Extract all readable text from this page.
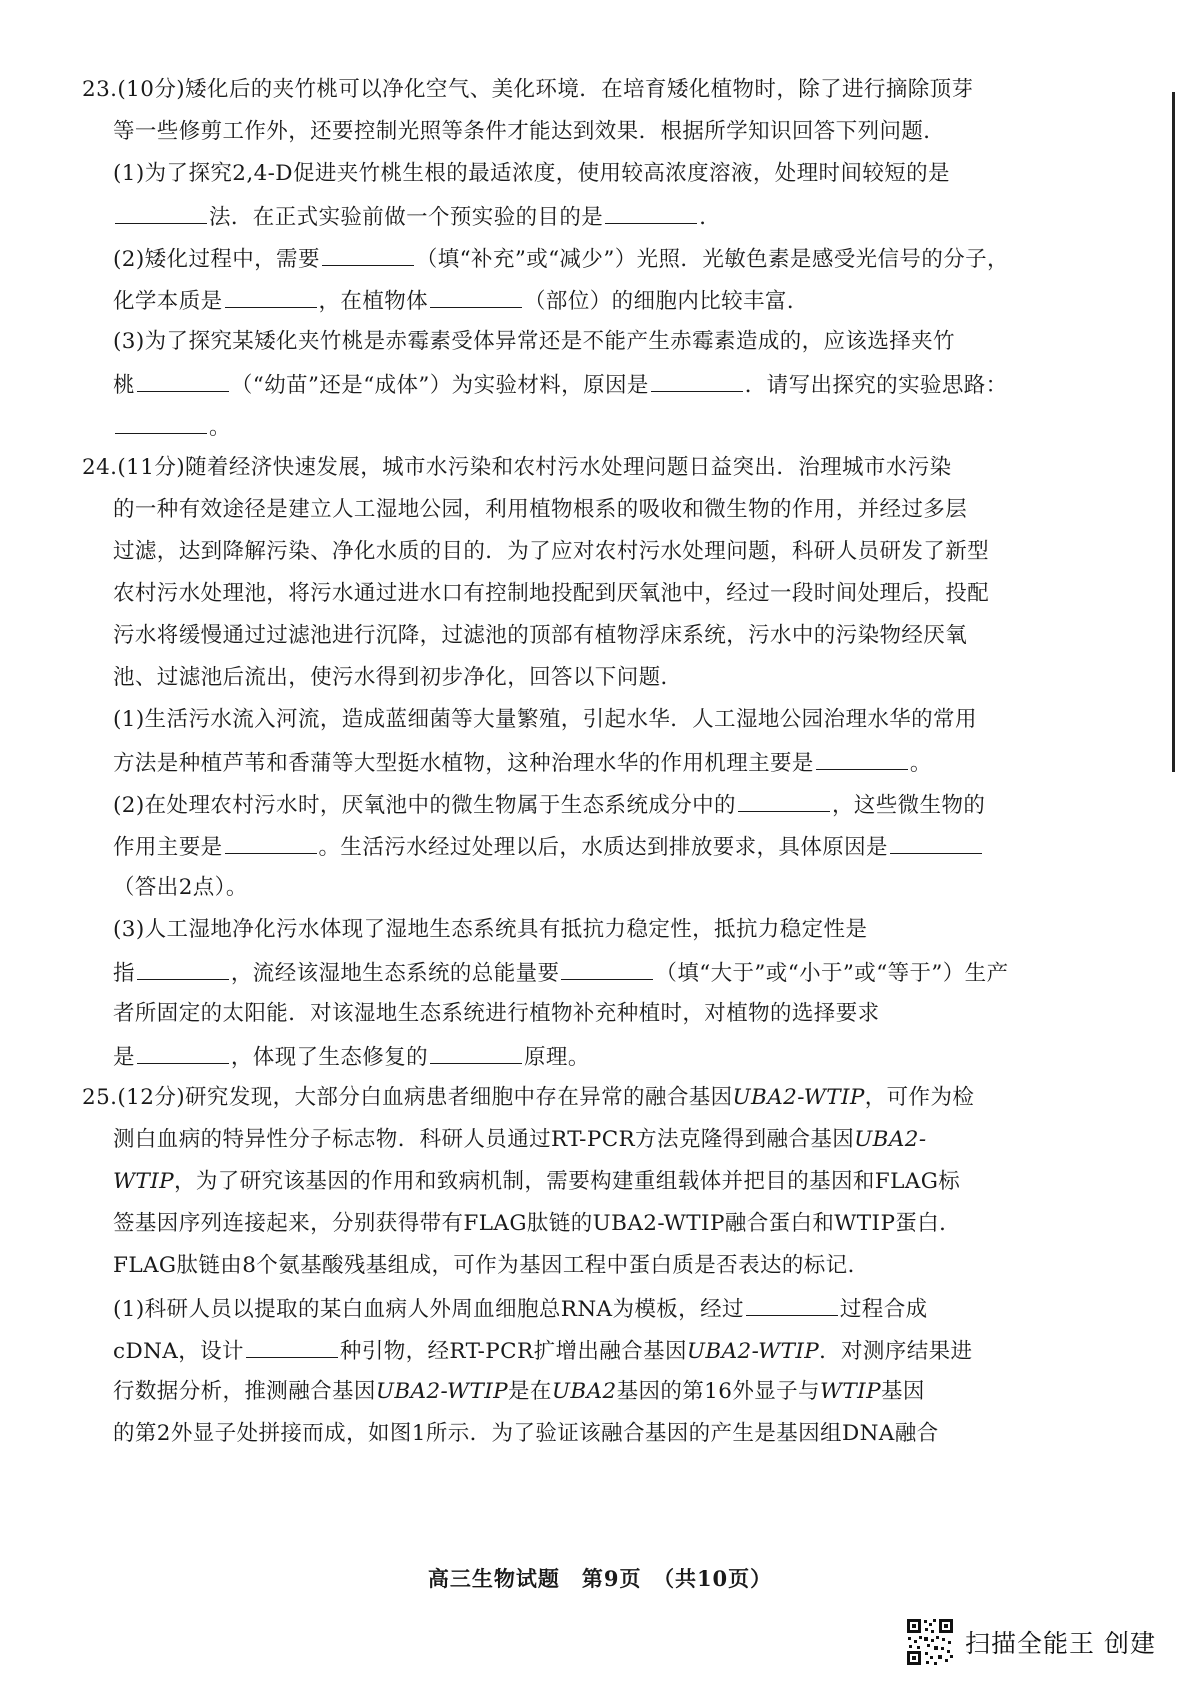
23.(10分)矮化后的夹竹桃可以净化空气、美化环境．在培育矮化植物时，除了进行摘除顶芽
等一些修剪工作外，还要控制光照等条件才能达到效果．根据所学知识回答下列问题．
(1)为了探究2,4-D促进夹竹桃生根的最适浓度，使用较高浓度溶液，处理时间较短的是
法．在正式实验前做一个预实验的目的是	．
(2)矮化过程中，需要	（填“补充”或“减少”）光照．光敏色素是感受光信号的分子，
化学本质是	，在植物体	（部位）的细胞内比较丰富．
(3)为了探究某矮化夹竹桃是赤霉素受体异常还是不能产生赤霉素造成的，应该选择夹竹
桃	（“幼苗”还是“成体”）为实验材料，原因是	．请写出探究的实验思路：
。
24.(11分)随着经济快速发展，城市水污染和农村污水处理问题日益突出．治理城市水污染
的一种有效途径是建立人工湿地公园，利用植物根系的吸收和微生物的作用，并经过多层
过滤，达到降解污染、净化水质的目的．为了应对农村污水处理问题，科研人员研发了新型
农村污水处理池，将污水通过进水口有控制地投配到厌氧池中，经过一段时间处理后，投配
污水将缓慢通过过滤池进行沉降，过滤池的顶部有植物浮床系统，污水中的污染物经厌氧
池、过滤池后流出，使污水得到初步净化，回答以下问题．
(1)生活污水流入河流，造成蓝细菌等大量繁殖，引起水华．人工湿地公园治理水华的常用
方法是种植芦苇和香蒲等大型挺水植物，这种治理水华的作用机理主要是	。
(2)在处理农村污水时，厌氧池中的微生物属于生态系统成分中的	，这些微生物的
作用主要是	。生活污水经过处理以后，水质达到排放要求，具体原因是
（答出2点）。
(3)人工湿地净化污水体现了湿地生态系统具有抵抗力稳定性，抵抗力稳定性是
指	，流经该湿地生态系统的总能量要	（填“大于”或“小于”或“等于”）生产
者所固定的太阳能．对该湿地生态系统进行植物补充种植时，对植物的选择要求
是	，体现了生态修复的	原理。
25.(12分)研究发现，大部分白血病患者细胞中存在异常的融合基因UBA2-WTIP，可作为检
测白血病的特异性分子标志物．科研人员通过RT-PCR方法克隆得到融合基因UBA2-
WTIP，为了研究该基因的作用和致病机制，需要构建重组载体并把目的基因和FLAG标
签基因序列连接起来，分别获得带有FLAG肽链的UBA2-WTIP融合蛋白和WTIP蛋白．
FLAG肽链由8个氨基酸残基组成，可作为基因工程中蛋白质是否表达的标记．
(1)科研人员以提取的某白血病人外周血细胞总RNA为模板，经过	过程合成
cDNA，设计	种引物，经RT-PCR扩增出融合基因UBA2-WTIP．对测序结果进
行数据分析，推测融合基因UBA2-WTIP是在UBA2基因的第16外显子与WTIP基因
的第2外显子处拼接而成，如图1所示．为了验证该融合基因的产生是基因组DNA融合
高三生物试题　第9页　（共10页）
扫描全能王 创建
